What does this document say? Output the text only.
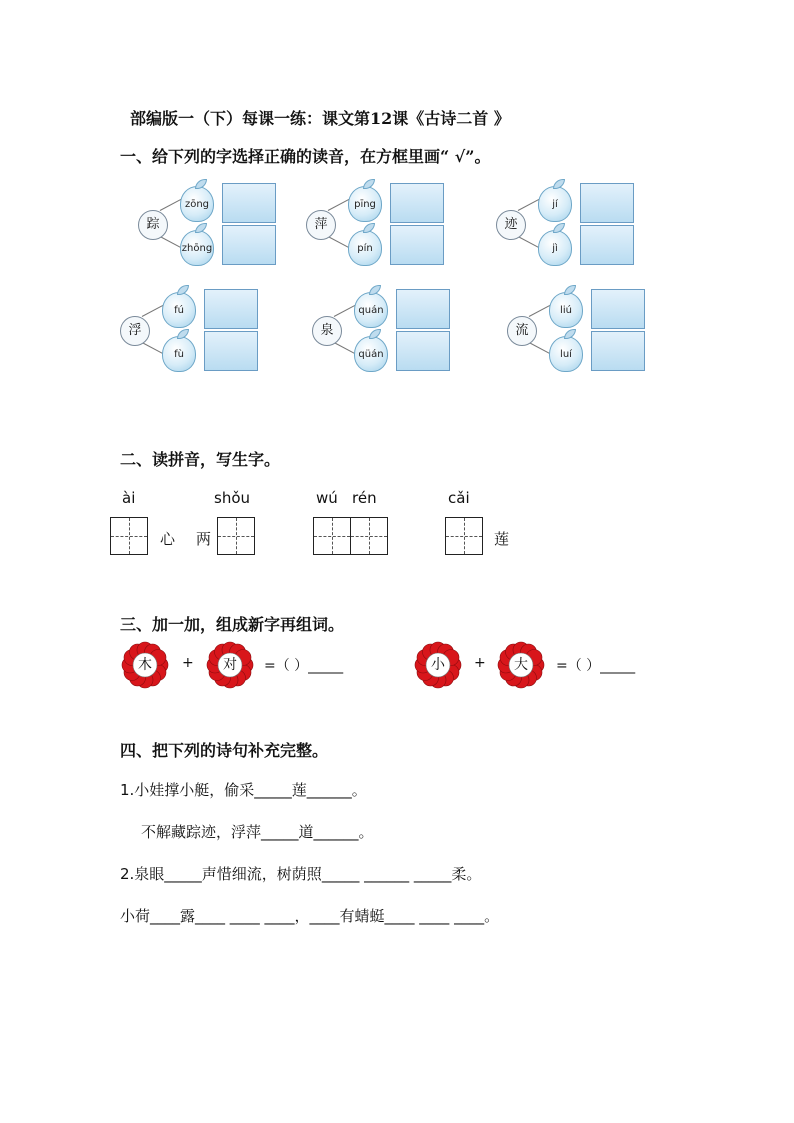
部编版一（下）每课一练：课文第12课《古诗二首 》
一、给下列的字选择正确的读音，在方框里画“ √”。
踪
zōng
zhōng
萍
pīng
pín
迹
jí
jì
浮
fú
fù
泉
quán
qüán
流
liú
luí
二、读拼音，写生字。
ài	shǒu	wú rén	cǎi
心 两	莲
三、加一加，组成新字再组词。
木	+	对	=（ ）_____	小	+	大	=（ ）_____
四、把下列的诗句补充完整。
1.小娃撑小艇，偷采_____莲______。
不解藏踪迹，浮萍_____道______。
2.泉眼_____声惜细流，树荫照_____ ______ _____柔。
小荷____露____ ____ ____，____有蜻蜓____ ____ ____。
